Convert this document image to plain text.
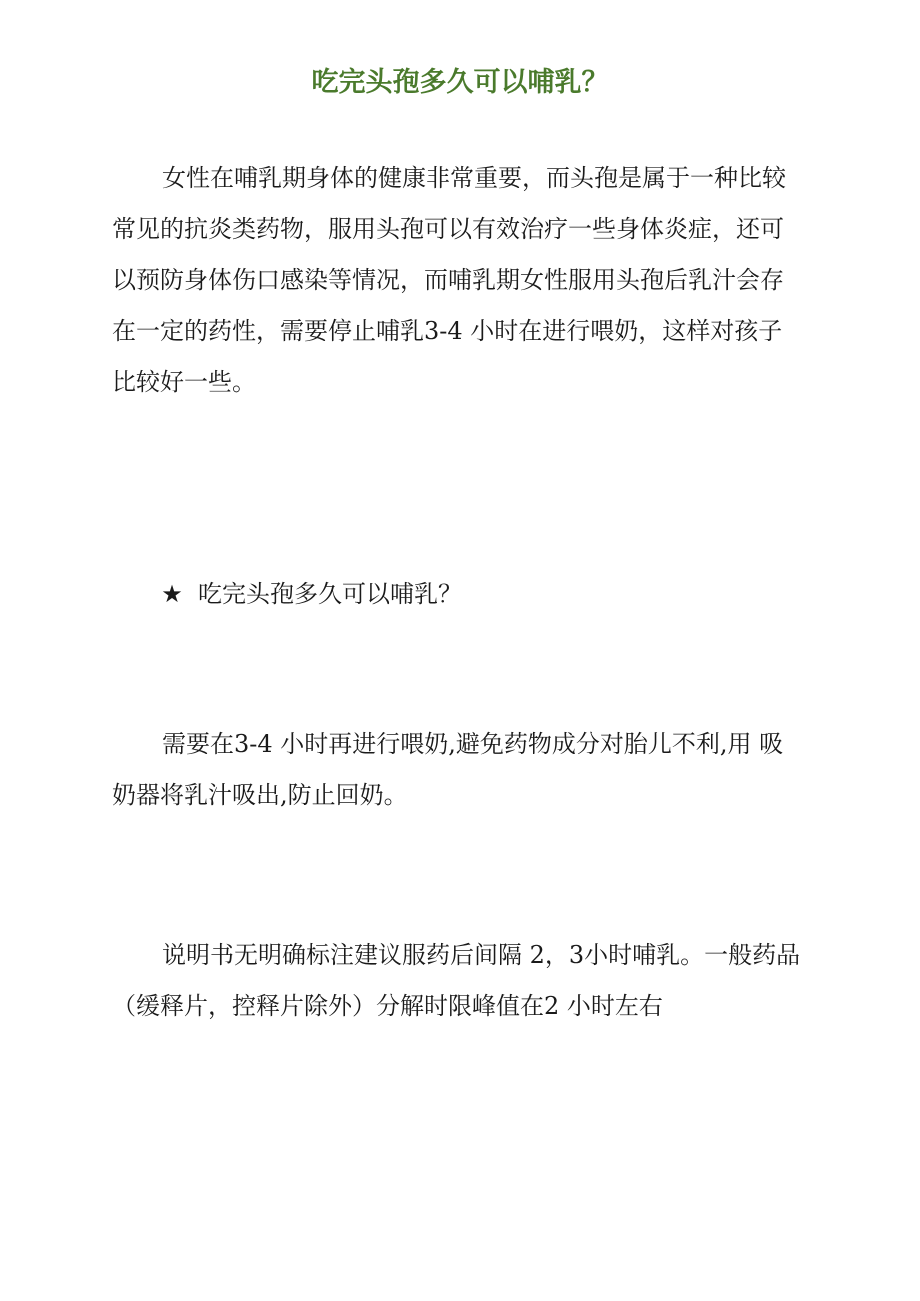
吃完头孢多久可以哺乳？

女性在哺乳期身体的健康非常重要，而头孢是属于一种比较常见的抗炎类药物，服用头孢可以有效治疗一些身体炎症，还可以预防身体伤口感染等情况，而哺乳期女性服用头孢后乳汁会存在一定的药性，需要停止哺乳3-4 小时在进行喂奶，这样对孩子比较好一些。

★ 吃完头孢多久可以哺乳？

需要在3-4 小时再进行喂奶,避免药物成分对胎儿不利,用 吸奶器将乳汁吸出,防止回奶。

说明书无明确标注建议服药后间隔 2，3小时哺乳。一般药品（缓释片，控释片除外）分解时限峰值在2 小时左右
